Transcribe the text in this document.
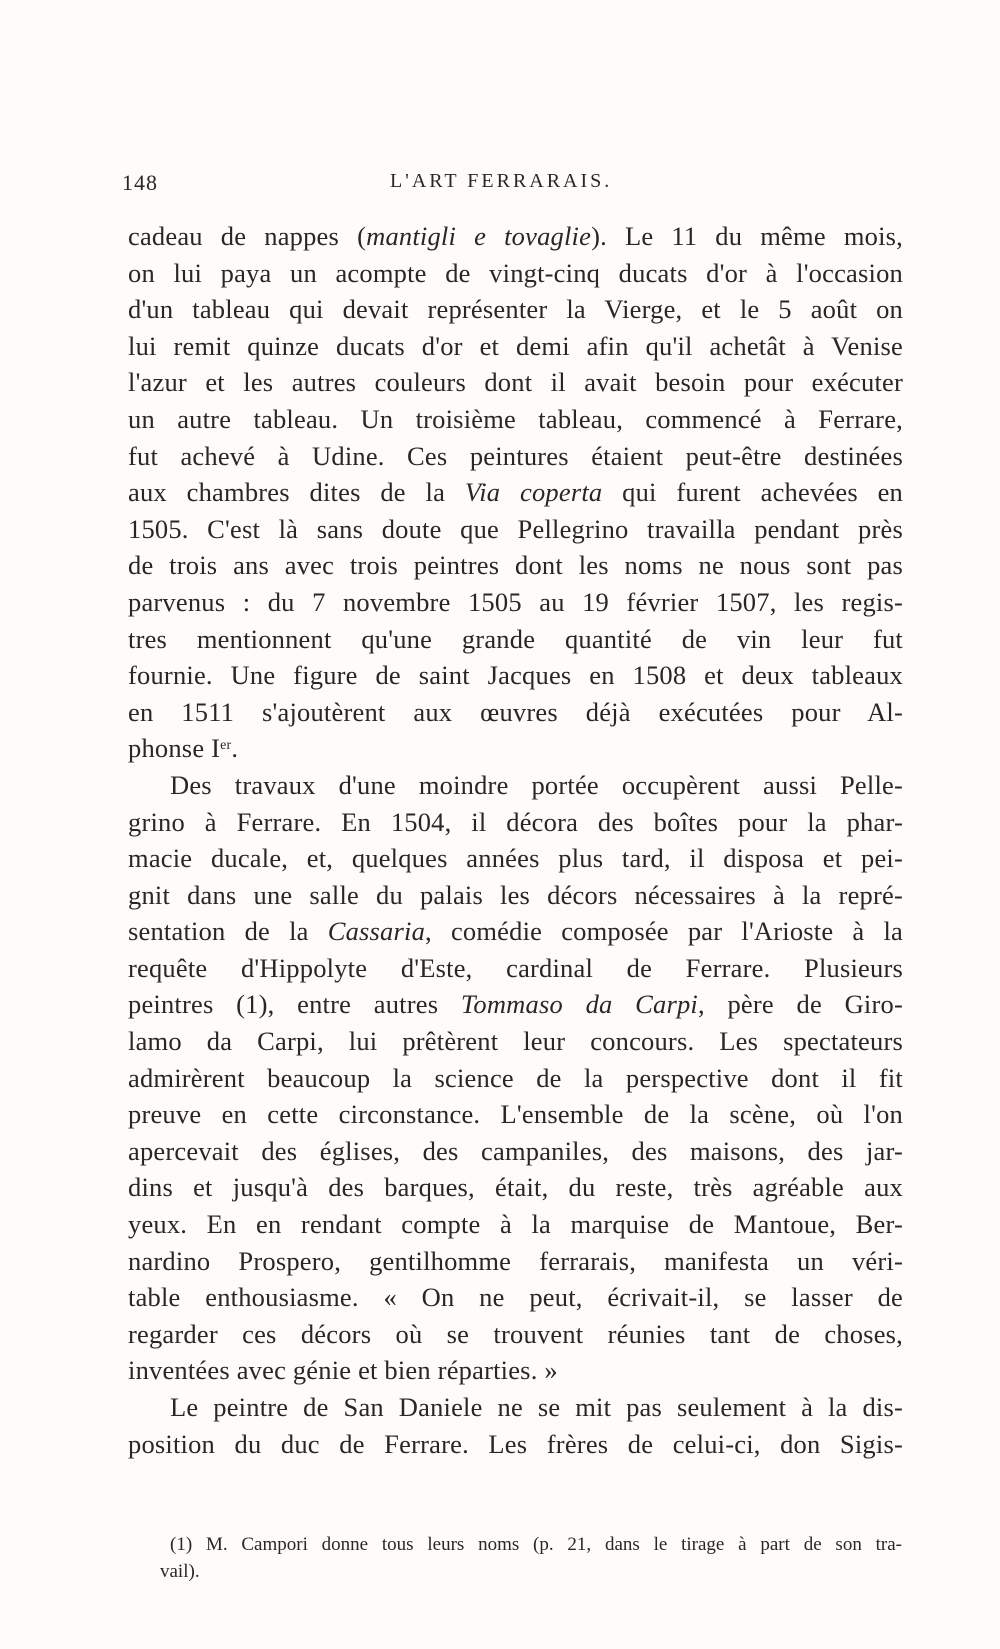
148	L'ART FERRARAIS.
cadeau de nappes (mantigli e tovaglie). Le 11 du même mois,
on lui paya un acompte de vingt-cinq ducats d'or à l'occasion
d'un tableau qui devait représenter la Vierge, et le 5 août on
lui remit quinze ducats d'or et demi afin qu'il achetât à Venise
l'azur et les autres couleurs dont il avait besoin pour exécuter
un autre tableau. Un troisième tableau, commencé à Ferrare,
fut achevé à Udine. Ces peintures étaient peut-être destinées
aux chambres dites de la Via coperta qui furent achevées en
1505. C'est là sans doute que Pellegrino travailla pendant près
de trois ans avec trois peintres dont les noms ne nous sont pas
parvenus : du 7 novembre 1505 au 19 février 1507, les regis-
tres mentionnent qu'une grande quantité de vin leur fut
fournie. Une figure de saint Jacques en 1508 et deux tableaux
en 1511 s'ajoutèrent aux œuvres déjà exécutées pour Al-
phonse Ier.
Des travaux d'une moindre portée occupèrent aussi Pelle-
grino à Ferrare. En 1504, il décora des boîtes pour la phar-
macie ducale, et, quelques années plus tard, il disposa et pei-
gnit dans une salle du palais les décors nécessaires à la repré-
sentation de la Cassaria, comédie composée par l'Arioste à la
requête d'Hippolyte d'Este, cardinal de Ferrare. Plusieurs
peintres (1), entre autres Tommaso da Carpi, père de Giro-
lamo da Carpi, lui prêtèrent leur concours. Les spectateurs
admirèrent beaucoup la science de la perspective dont il fit
preuve en cette circonstance. L'ensemble de la scène, où l'on
apercevait des églises, des campaniles, des maisons, des jar-
dins et jusqu'à des barques, était, du reste, très agréable aux
yeux. En en rendant compte à la marquise de Mantoue, Ber-
nardino Prospero, gentilhomme ferrarais, manifesta un véri-
table enthousiasme. « On ne peut, écrivait-il, se lasser de
regarder ces décors où se trouvent réunies tant de choses,
inventées avec génie et bien réparties. »
Le peintre de San Daniele ne se mit pas seulement à la dis-
position du duc de Ferrare. Les frères de celui-ci, don Sigis-
(1) M. Campori donne tous leurs noms (p. 21, dans le tirage à part de son tra-
vail).
